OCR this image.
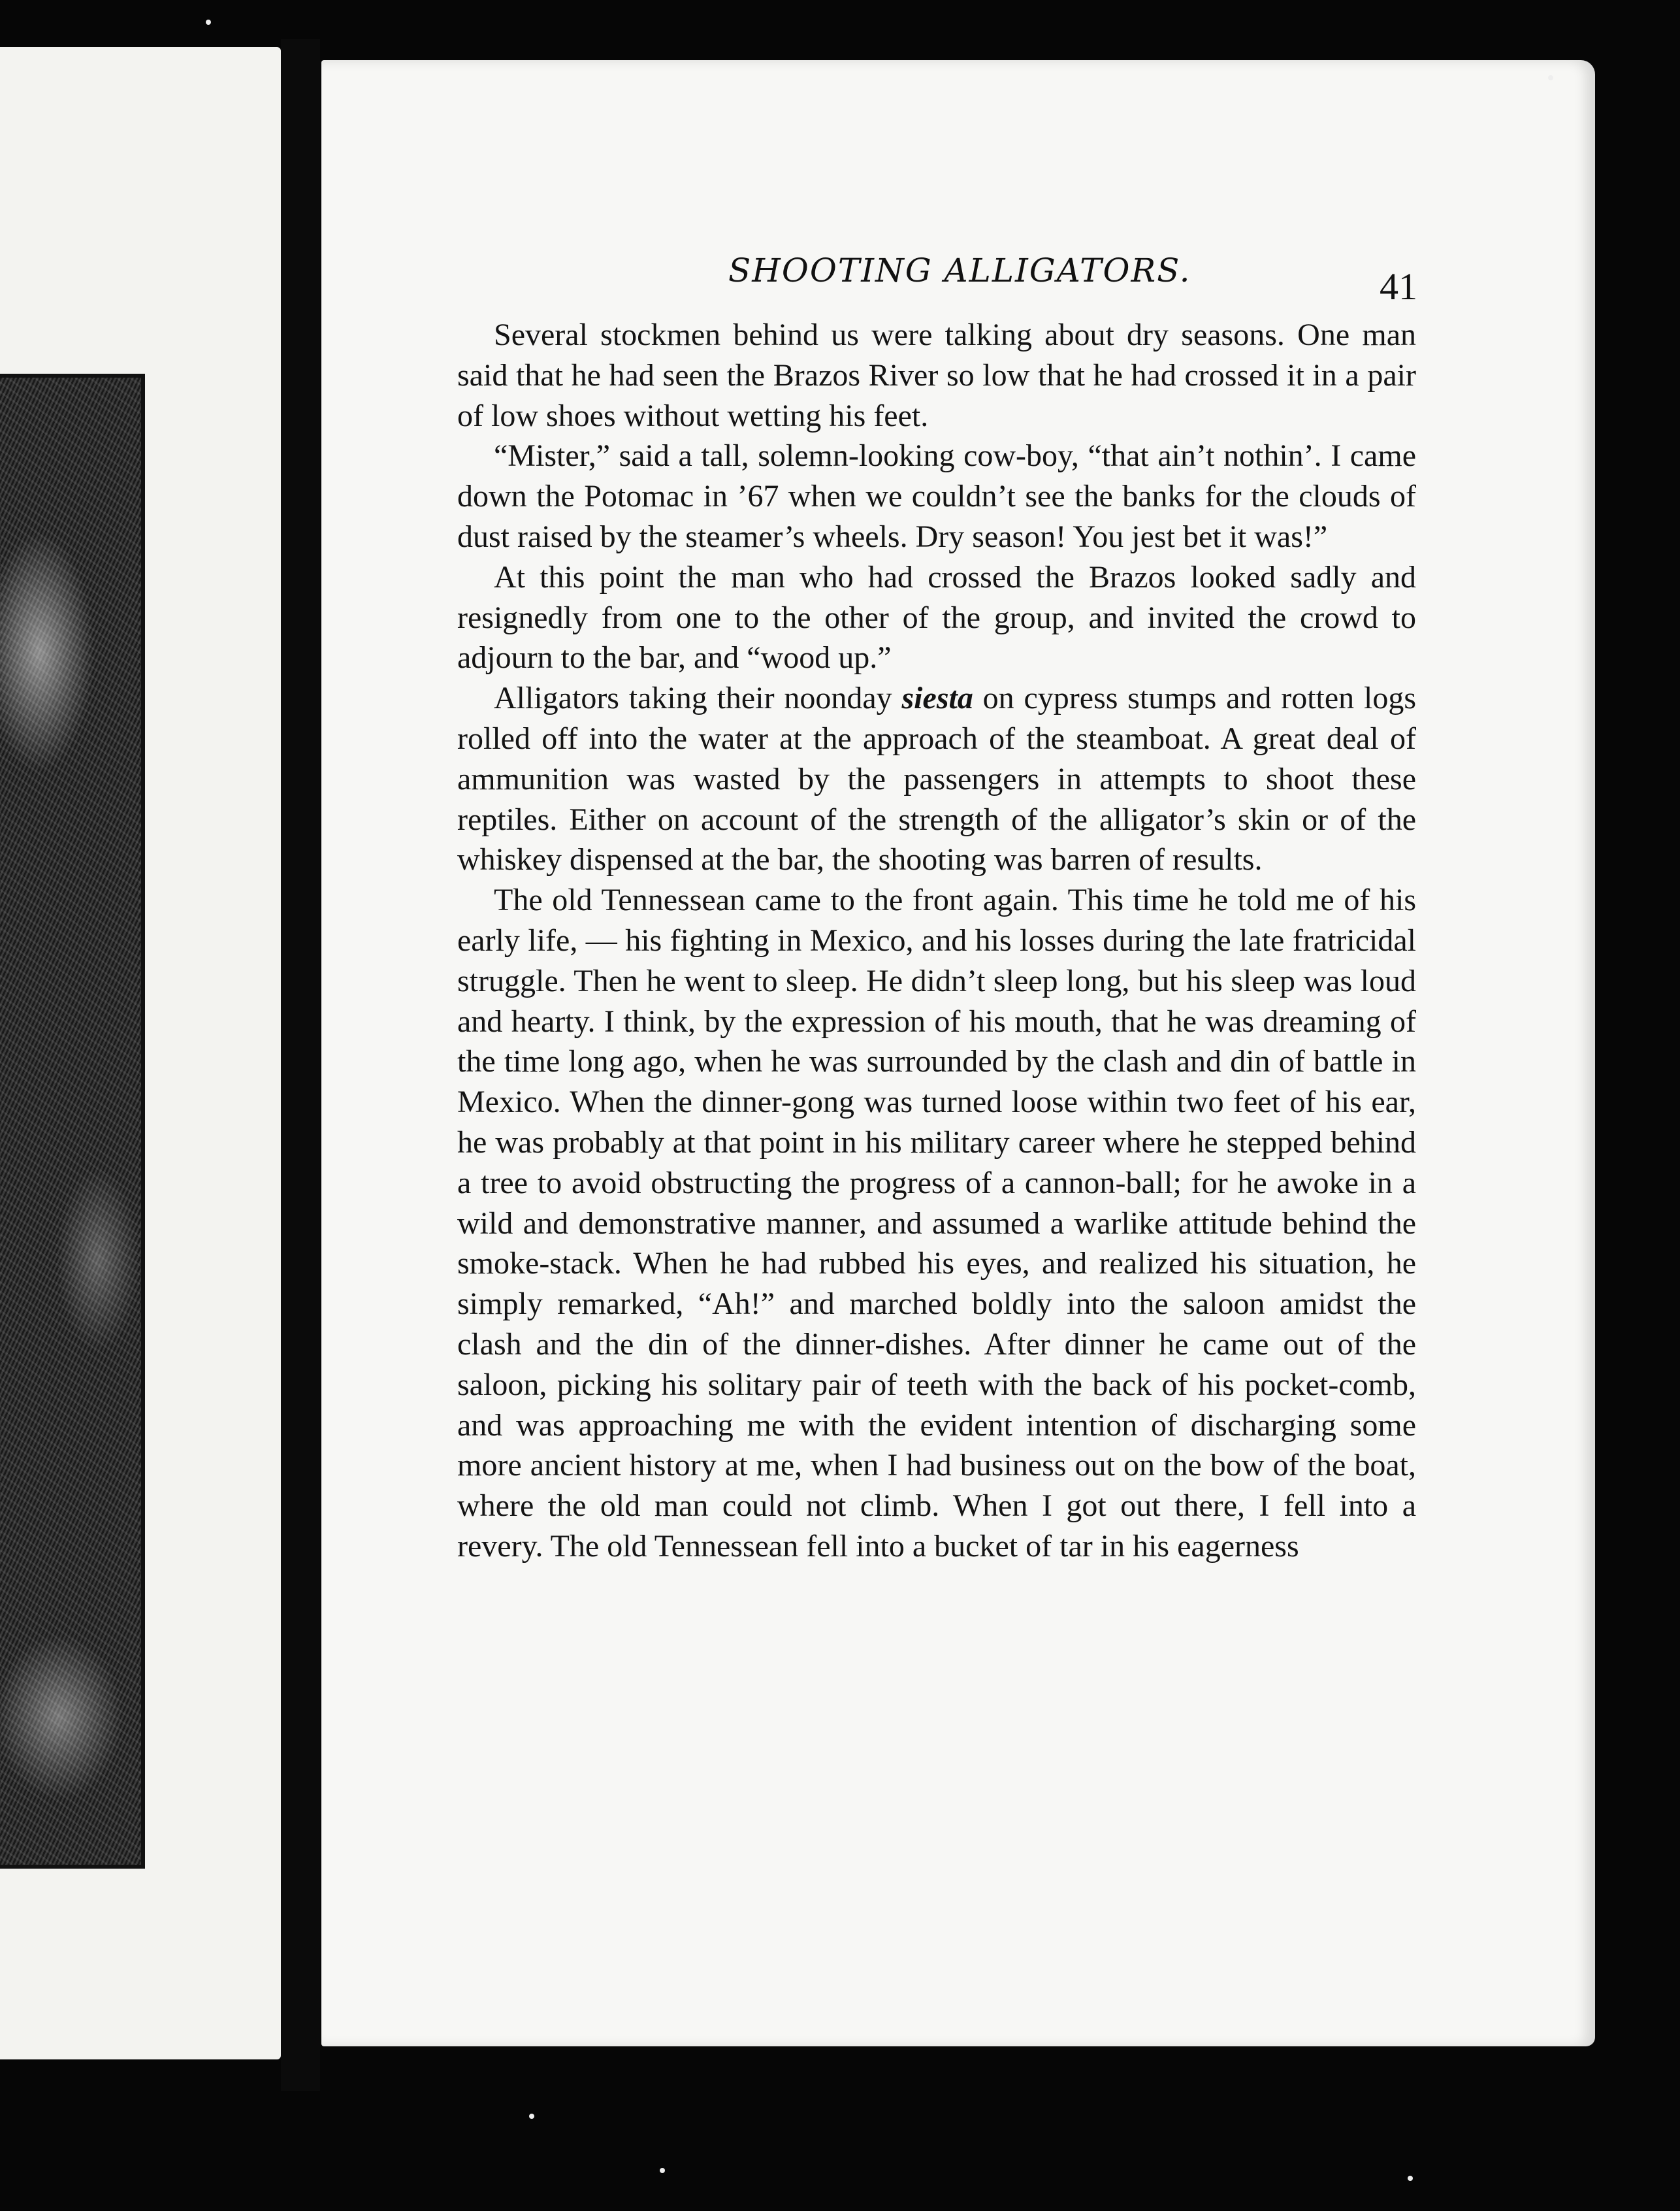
SHOOTING ALLIGATORS.	41

Several stockmen behind us were talking about dry seasons. One man said that he had seen the Brazos River so low that he had crossed it in a pair of low shoes without wetting his feet.

“Mister,” said a tall, solemn-looking cow-boy, “that ain’t nothin’. I came down the Potomac in ’67 when we couldn’t see the banks for the clouds of dust raised by the steamer’s wheels. Dry season! You jest bet it was!”

At this point the man who had crossed the Brazos looked sadly and resignedly from one to the other of the group, and invited the crowd to adjourn to the bar, and “wood up.”

Alligators taking their noonday siesta on cypress stumps and rotten logs rolled off into the water at the approach of the steamboat. A great deal of ammunition was wasted by the passengers in attempts to shoot these reptiles. Either on account of the strength of the alligator’s skin or of the whiskey dispensed at the bar, the shooting was barren of results.

The old Tennessean came to the front again. This time he told me of his early life, — his fighting in Mexico, and his losses during the late fratricidal struggle. Then he went to sleep. He didn’t sleep long, but his sleep was loud and hearty. I think, by the expression of his mouth, that he was dreaming of the time long ago, when he was surrounded by the clash and din of battle in Mexico. When the dinner-gong was turned loose within two feet of his ear, he was probably at that point in his military career where he stepped behind a tree to avoid obstructing the progress of a cannon-ball; for he awoke in a wild and demonstrative manner, and assumed a warlike attitude behind the smoke-stack. When he had rubbed his eyes, and realized his situation, he simply remarked, “Ah!” and marched boldly into the saloon amidst the clash and the din of the dinner-dishes. After dinner he came out of the saloon, picking his solitary pair of teeth with the back of his pocket-comb, and was approaching me with the evident intention of discharging some more ancient history at me, when I had business out on the bow of the boat, where the old man could not climb. When I got out there, I fell into a revery. The old Tennessean fell into a bucket of tar in his eagerness
